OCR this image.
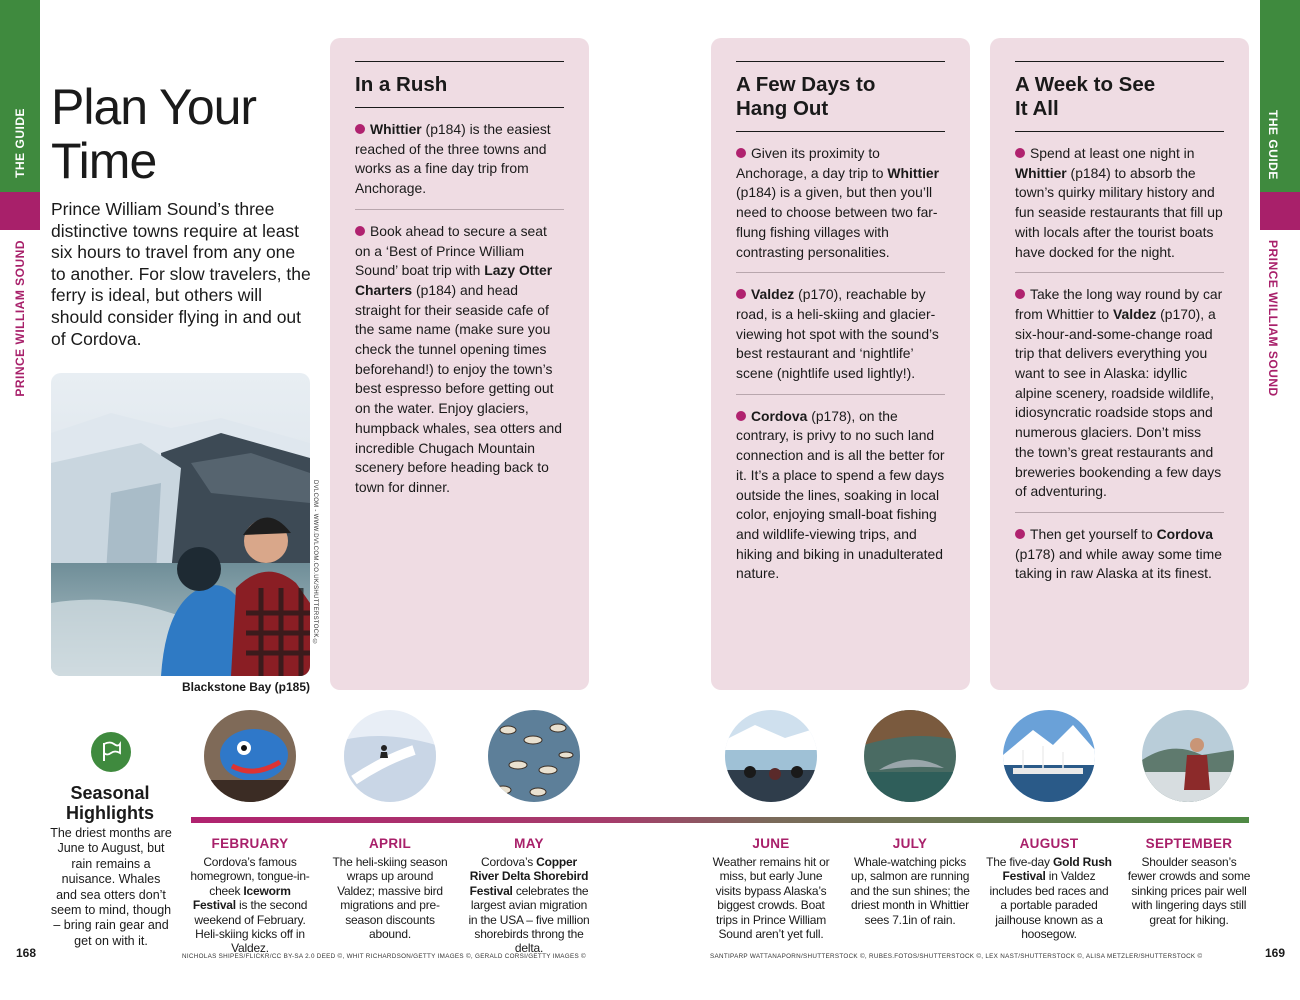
THE GUIDE
PRINCE WILLIAM SOUND
THE GUIDE
PRINCE WILLIAM SOUND
Plan Your
Time

Prince William Sound’s three distinctive towns require at least six hours to travel from any one to another. For slow travelers, the ferry is ideal, but others will should consider flying in and out of Cordova.

DVLCOM - WWW.DVLCOM.CO.UK/SHUTTERSTOCK ©
Blackstone Bay (p185)
In a Rush

Whittier (p184) is the easiest reached of the three towns and works as a fine day trip from Anchorage.

Book ahead to secure a seat on a ‘Best of Prince William Sound’ boat trip with Lazy Otter Charters (p184) and head straight for their seaside cafe of the same name (make sure you check the tunnel opening times beforehand!) to enjoy the town’s best espresso before getting out on the water. Enjoy glaciers, humpback whales, sea otters and incredible Chugach Mountain scenery before heading back to town for dinner.

A Few Days to
Hang Out

Given its proximity to Anchorage, a day trip to Whittier (p184) is a given, but then you’ll need to choose between two far-flung fishing villages with contrasting personalities.

Valdez (p170), reachable by road, is a heli-skiing and glacier-viewing hot spot with the sound’s best restaurant and ‘nightlife’ scene (nightlife used lightly!).

Cordova (p178), on the contrary, is privy to no such land connection and is all the better for it. It’s a place to spend a few days outside the lines, soaking in local color, enjoying small-boat fishing and wildlife-viewing trips, and hiking and biking in unadulterated nature.

A Week to See
It All

Spend at least one night in Whittier (p184) to absorb the town’s quirky military history and fun seaside restaurants that fill up with locals after the tourist boats have docked for the night.

Take the long way round by car from Whittier to Valdez (p170), a six-hour-and-some-change road trip that delivers everything you want to see in Alaska: idyllic alpine scenery, roadside wildlife, idiosyncratic roadside stops and numerous glaciers. Don’t miss the town’s great restaurants and breweries bookending a few days of adventuring.

Then get yourself to Cordova (p178) and while away some time taking in raw Alaska at its finest.

Seasonal
Highlights

The driest months are June to August, but rain remains a nuisance. Whales and sea otters don’t seem to mind, though – bring rain gear and get on with it.

FEBRUARY

Cordova’s famous homegrown, tongue-in-cheek Iceworm Festival is the second weekend of February. Heli-skiing kicks off in Valdez.

APRIL

The heli-skiing season wraps up around Valdez; massive bird migrations and pre-season discounts abound.

MAY

Cordova’s Copper River Delta Shorebird Festival celebrates the largest avian migration in the USA – five million shorebirds throng the delta.

JUNE

Weather remains hit or miss, but early June visits bypass Alaska’s biggest crowds. Boat trips in Prince William Sound aren’t yet full.

JULY

Whale-watching picks up, salmon are running and the sun shines; the driest month in Whittier sees 7.1in of rain.

AUGUST

The five-day Gold Rush Festival in Valdez includes bed races and a portable paraded jailhouse known as a hoosegow.

SEPTEMBER

Shoulder season’s fewer crowds and some sinking prices pair well with lingering days still great for hiking.

168	169
NICHOLAS SHIPES/FLICKR/CC BY-SA 2.0 DEED ©, WHIT RICHARDSON/GETTY IMAGES ©, GERALD CORSI/GETTY IMAGES ©	SANTIPARP WATTANAPORN/SHUTTERSTOCK ©, RUBES.FOTOS/SHUTTERSTOCK ©, LEX NAST/SHUTTERSTOCK ©, ALISA METZLER/SHUTTERSTOCK ©
